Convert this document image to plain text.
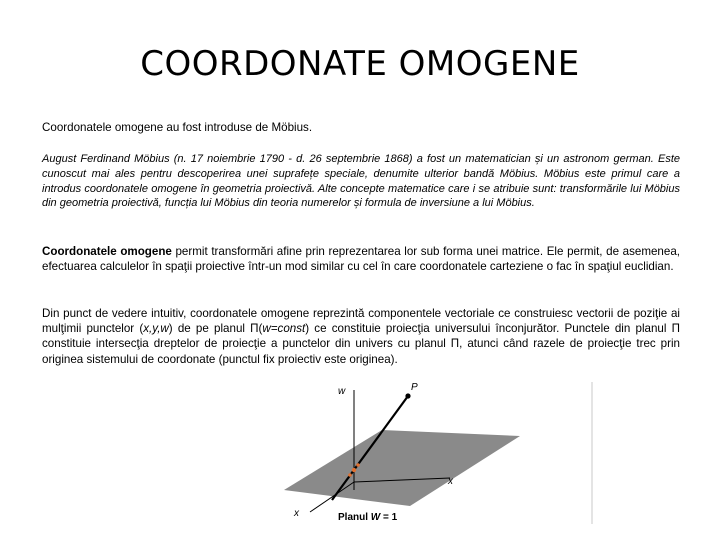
COORDONATE OMOGENE

Coordonatele omogene au fost introduse de Möbius.

August Ferdinand Möbius (n. 17 noiembrie 1790 - d. 26 septembrie 1868) a fost un matematician și un astronom german. Este cunoscut mai ales pentru descoperirea unei suprafețe speciale, denumite ulterior bandă Möbius. Möbius este primul care a introdus coordonatele omogene în geometria proiectivă. Alte concepte matematice care i se atribuie sunt: transformările lui Möbius din geometria proiectivă, funcția lui Möbius din teoria numerelor și formula de inversiune a lui Möbius.

Coordonatele omogene permit transformări afine prin reprezentarea lor sub forma unei matrice. Ele permit, de asemenea, efectuarea calculelor în spaţii proiective într-un mod similar cu cel în care coordonatele carteziene o fac în spaţiul euclidian.

Din punct de vedere intuitiv, coordonatele omogene reprezintă componentele vectoriale ce construiesc vectorii de poziţie ai mulţimii punctelor (x,y,w) de pe planul Π(w=const) ce constituie proiecţia universului înconjurător. Punctele din planul Π constituie intersecţia dreptelor de proiecţie a punctelor din univers cu planul Π, atunci când razele de proiecţie trec prin originea sistemului de coordonate (punctul fix proiectiv este originea).

w	P
x
x	Planul W = 1
